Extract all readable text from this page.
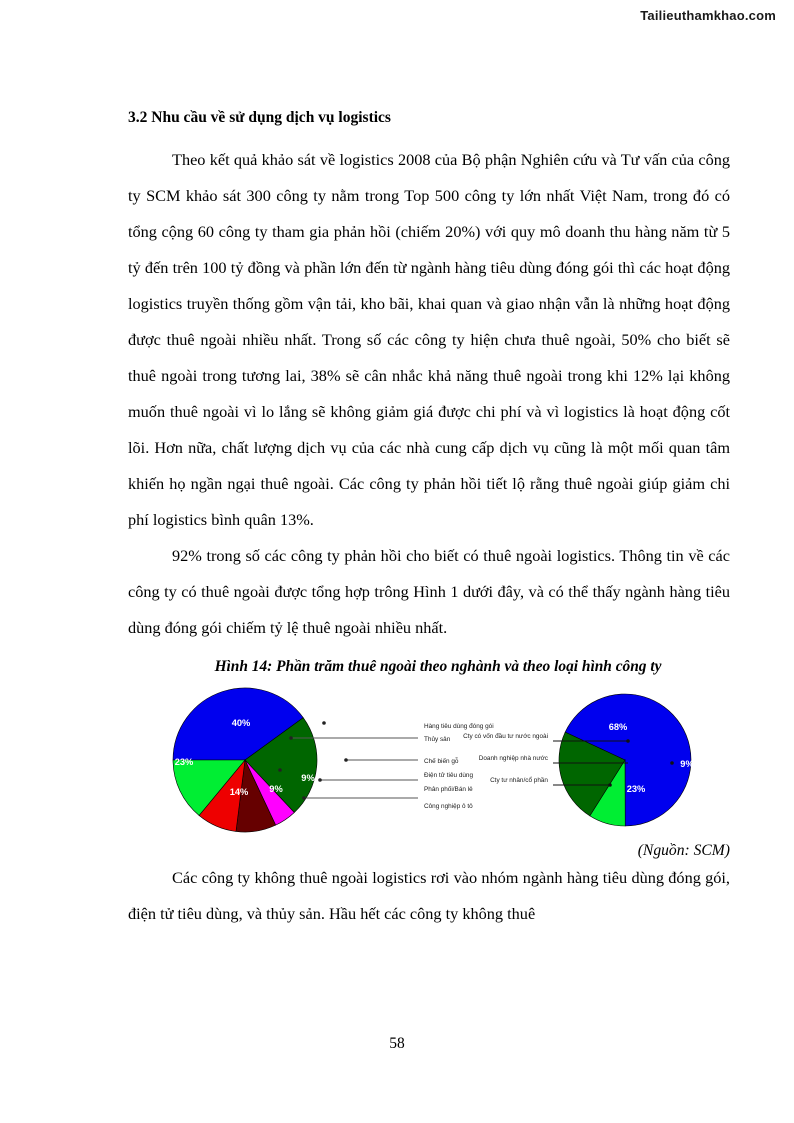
Tailieuthamkhao.com
3.2 Nhu cầu về sử dụng dịch vụ logistics

Theo kết quả khảo sát về logistics 2008 của Bộ phận Nghiên cứu và Tư vấn của công ty SCM khảo sát 300 công ty nằm trong Top 500 công ty lớn nhất Việt Nam, trong đó có tổng cộng 60 công ty tham gia phản hồi (chiếm 20%) với quy mô doanh thu hàng năm từ 5 tỷ đến trên 100 tỷ đồng và phần lớn đến từ ngành hàng tiêu dùng đóng gói thì các hoạt động logistics truyền thống gồm vận tải, kho bãi, khai quan và giao nhận vẫn là những hoạt động được thuê ngoài nhiều nhất. Trong số các công ty hiện chưa thuê ngoài, 50% cho biết sẽ thuê ngoài trong tương lai, 38% sẽ cân nhắc khả năng thuê ngoài trong khi 12% lại không muốn thuê ngoài vì lo lắng sẽ không giảm giá được chi phí và vì logistics là hoạt động cốt lõi. Hơn nữa, chất lượng dịch vụ của các nhà cung cấp dịch vụ cũng là một mối quan tâm khiến họ ngần ngại thuê ngoài. Các công ty phản hồi tiết lộ rằng thuê ngoài giúp giảm chi phí logistics bình quân 13%.

92% trong số các công ty phản hồi cho biết có thuê ngoài logistics. Thông tin về các công ty có thuê ngoài được tổng hợp trông Hình 1 dưới đây, và có thể thấy ngành hàng tiêu dùng đóng gói chiếm tỷ lệ thuê ngoài nhiều nhất.

Hình 14: Phần trăm thuê ngoài theo nghành và theo loại hình công ty

40%
23%	5%
9%
9%
14%
Hàng tiêu dùng đóng gói
Thủy sản
Chế biến gỗ
Điện tử tiêu dùng
Phân phối/Bán lẻ
Công nghiệp ô tô
68%
9%
23%
Cty có vốn đầu tư nước ngoài
Doanh nghiệp nhà nước
Cty tư nhân/cổ phần

(Nguồn: SCM)

Các công ty không thuê ngoài logistics rơi vào nhóm ngành hàng tiêu dùng đóng gói, điện tử tiêu dùng, và thủy sản. Hầu hết các công ty không thuê

58
